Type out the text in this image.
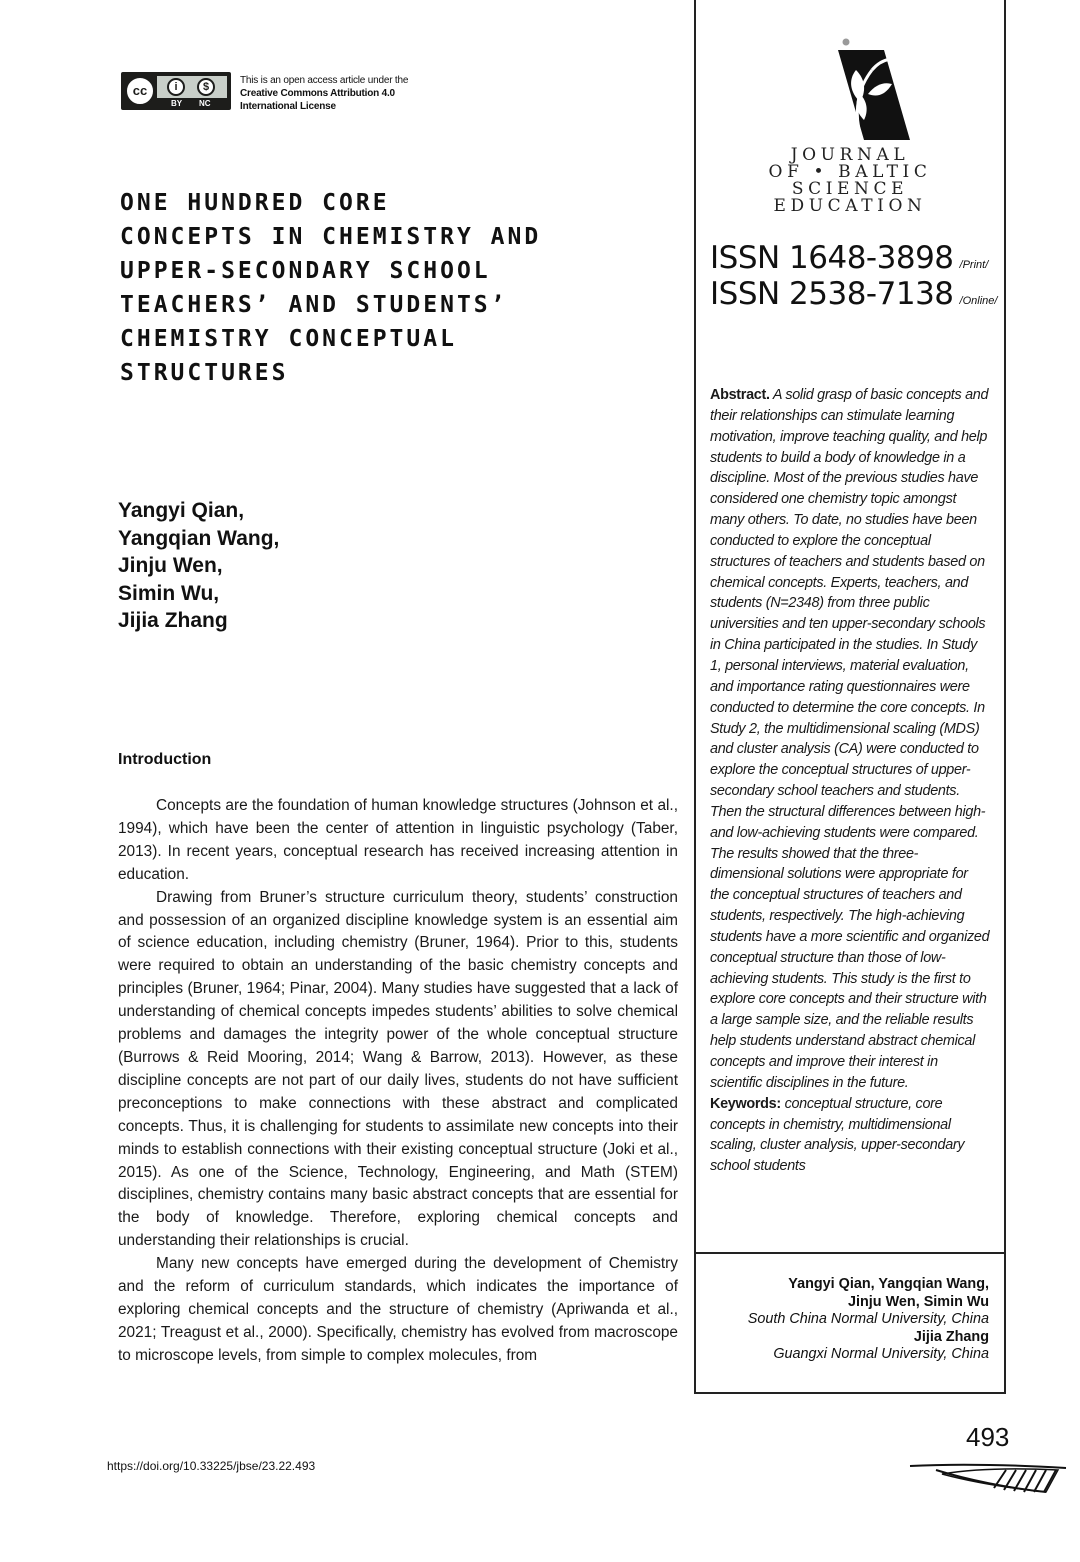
cc	i	$
BY NC
This is an open access article under the
Creative Commons Attribution 4.0
International License
ONE HUNDRED CORE
CONCEPTS IN CHEMISTRY AND
UPPER-SECONDARY SCHOOL
TEACHERS’ AND STUDENTS’
CHEMISTRY CONCEPTUAL
STRUCTURES
Yangyi Qian,
Yangqian Wang,
Jinju Wen,
Simin Wu,
Jijia Zhang
Introduction

Concepts are the foundation of human knowledge structures (Johnson et al., 1994), which have been the center of attention in linguistic psychology (Taber, 2013). In recent years, conceptual research has received increasing attention in education.

Drawing from Bruner’s structure curriculum theory, students’ construction and possession of an organized discipline knowledge system is an essential aim of science education, including chemistry (Bruner, 1964). Prior to this, students were required to obtain an understanding of the basic chemistry concepts and principles (Bruner, 1964; Pinar, 2004). Many studies have suggested that a lack of understanding of chemical concepts impedes students’ abilities to solve chemical problems and damages the integrity power of the whole conceptual structure (Burrows & Reid Mooring, 2014; Wang & Barrow, 2013). However, as these discipline concepts are not part of our daily lives, students do not have sufficient preconceptions to make connections with these abstract and complicated concepts. Thus, it is challenging for students to assimilate new concepts into their minds to establish connections with their existing conceptual structure (Joki et al., 2015). As one of the Science, Technology, Engineering, and Math (STEM) disciplines, chemistry contains many basic abstract concepts that are essential for the body of knowledge. Therefore, exploring chemical concepts and understanding their relationships is crucial.

Many new concepts have emerged during the development of Chemistry and the reform of curriculum standards, which indicates the importance of exploring chemical concepts and the structure of chemistry (Apriwanda et al., 2021; Treagust et al., 2000). Specifically, chemistry has evolved from macroscope to microscope levels, from simple to complex molecules, from

https://doi.org/10.33225/jbse/23.22.493
JOURNAL
OF • BALTIC
SCIENCE
EDUCATION
ISSN 1648-3898 /Print/
ISSN 2538-7138 /Online/

Abstract. A solid grasp of basic concepts and their relationships can stimulate learning motivation, improve teaching quality, and help students to build a body of knowledge in a discipline. Most of the previous studies have considered one chemistry topic amongst many others. To date, no studies have been conducted to explore the conceptual structures of teachers and students based on chemical concepts. Experts, teachers, and students (N=2348) from three public universities and ten upper-secondary schools in China participated in the studies. In Study 1, personal interviews, material evaluation, and importance rating questionnaires were conducted to determine the core concepts. In Study 2, the multidimensional scaling (MDS) and cluster analysis (CA) were conducted to explore the conceptual structures of upper-secondary school teachers and students. Then the structural differences between high- and low-achieving students were compared. The results showed that the three-dimensional solutions were appropriate for the conceptual structures of teachers and students, respectively. The high-achieving students have a more scientific and organized conceptual structure than those of low-achieving students. This study is the first to explore core concepts and their structure with a large sample size, and the reliable results help students understand abstract chemical concepts and improve their interest in scientific disciplines in the future.
Keywords: conceptual structure, core concepts in chemistry, multidimensional scaling, cluster analysis, upper-secondary school students

Yangyi Qian, Yangqian Wang,
Jinju Wen, Simin Wu
South China Normal University, China
Jijia Zhang
Guangxi Normal University, China
493
